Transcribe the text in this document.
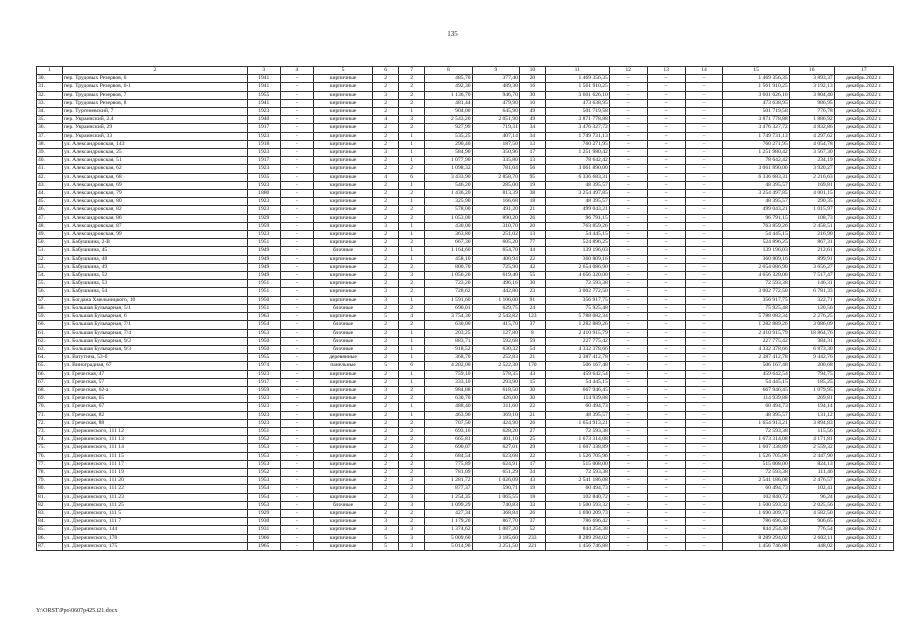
135
1	2	3	4	5	6	7	8	9	10	11	12	13	14	15	16	17
30.	пер. Трудовых Резервов, 6	1941	-	кирпичные	2	2	485,70	377,40	20	1 469 356,35	–	–	–	1 469 356,35	3 893,37	декабрь 2022 г.
31.	пер. Трудовых Резервов, 6-1	1941	-	кирпичные	2	2	492,30	489,30	16	1 561 910,25	–	–	–	1 561 910,25	3 192,13	декабрь 2022 г.
32.	пер. Трудовых Резервов, 7	1955	-	кирпичные	3	2	1 136,70	946,70	30	3 601 626,10	–	–	–	3 601 626,10	3 804,40	декабрь 2022 г.
33.	пер. Трудовых Резервов, 8	1941	-	кирпичные	2	2	481,44	479,90	10	473 638,95	–	–	–	473 638,95	986,95	декабрь 2022 г.
34.	пер. Тургеневский, 7	1923	-	кирпичные	2	1	904,00	645,90	49	501 719,58	–	–	–	501 719,58	776,78	декабрь 2022 г.
35.	пер. Украинский, 2.4	1940	-	кирпичные	4	3	2 543,20	2 051,90	49	3 871 778,88	–	–	–	3 871 778,88	1 886,92	декабрь 2022 г.
36.	пер. Украинский, 29	1917	-	кирпичные	2	2	927,99	719,31	34	3 476 327,72	–	–	–	3 476 327,72	4 832,86	декабрь 2022 г.
37.	пер. Украинский, 33	1923	-	кирпичные	2	1	535,25	407,14	34	1 749 731,13	–	–	–	1 749 731,13	4 297,62	декабрь 2022 г.
38.	ул. Александровская, 143	1918	-	кирпичные	2	1	290,40	187,50	13	760 271,95	–	–	–	760 271,95	4 054,78	декабрь 2022 г.
39.	ул. Александровская, 25	1923	-	кирпичные	3	1	584,90	350,96	17	1 251 980,42	–	–	–	1 251 980,42	3 567,30	декабрь 2022 г.
40.	ул. Александровская, 51	1917	-	кирпичные	2	1	1 077,90	335,80	13	78 642,42	–	–	–	78 642,42	234,19	декабрь 2022 г.
41.	ул. Александровская, 62	1923	-	кирпичные	2	2	1 098,32	781,04	56	3 061 890,00	–	–	–	3 061 890,00	3 920,27	декабрь 2022 г.
42.	ул. Александровская, 68	1935	-	кирпичные	4	6	3 433,90	2 858,70	95	6 336 683,31	–	–	–	6 336 683,31	2 216,63	декабрь 2022 г.
43.	ул. Александровская, 69	1923	-	кирпичные	2	1	546,20	285,00	19	48 395,57	–	–	–	48 395,57	169,81	декабрь 2022 г.
44.	ул. Александровская, 79	1880	-	кирпичные	2	2	1 436,20	813,39	38	3 254 497,85	–	–	–	3 254 497,85	4 001,15	декабрь 2022 г.
45.	ул. Александровская, 80	1923	-	кирпичные	2	1	325,90	166,68	18	48 395,57	–	–	–	48 395,57	290,35	декабрь 2022 г.
46.	ул. Александровская, 82	1923	-	кирпичные	2	2	578,00	491,20	21	499 043,21	–	–	–	499 043,21	1 015,97	декабрь 2022 г.
47.	ул. Александровская, 86	1929	-	кирпичные	2	2	1 053,00	890,20	26	96 791,15	–	–	–	96 791,15	108,73	декабрь 2022 г.
48.	ул. Александровская, 87	1959	-	кирпичные	3	1	430,00	310,70	20	763 859,26	–	–	–	763 859,26	2 458,51	декабрь 2022 г.
49.	ул. Александровская, 99	1923	-	кирпичные	2	1	363,80	251,02	13	54 445,15	–	–	–	54 445,15	216,90	декабрь 2022 г.
50.	ул. Бабушкина, 2-В	1951	-	кирпичные	2	2	667,30	605,20	77	524 896,25	–	–	–	524 896,25	867,31	декабрь 2022 г.
51.	ул. Бабушкина, 45	1949	-	блочные	2	1	1 164,60	654,70	44	139 196,03	–	–	–	139 196,03	212,61	декабрь 2022 г.
52.	ул. Бабушкина, 48	1949	-	кирпичные	2	1	458,10	400,94	22	360 809,16	–	–	–	360 809,16	899,91	декабрь 2022 г.
53.	ул. Бабушкина, 49	1949	-	кирпичные	2	2	800,70	725,90	42	2 654 086,90	–	–	–	2 654 086,90	3 656,27	декабрь 2022 г.
54.	ул. Бабушкина, 52	1949	-	кирпичные	2	3	1 056,20	619,40	55	4 656 320,00	–	–	–	4 656 320,00	7 517,47	декабрь 2022 г.
55.	ул. Бабушкина, 53	1951	-	кирпичные	2	2	723,20	496,16	30	72 593,38	–	–	–	72 593,38	146,31	декабрь 2022 г.
56.	ул. Бабушкина, 54	1951	-	кирпичные	3	2	728,62	442,80	23	3 002 772,50	–	–	–	3 002 772,50	6 781,33	декабрь 2022 г.
57.	ул. Богдана Хмельницкого, 10	1950	-	кирпичные	3	1	1 591,60	1 106,00	91	356 917,75	–	–	–	356 917,75	322,71	декабрь 2022 г.
58.	ул. Большая Бульварная, 5/1	1951	-	блочные	2	2	690,01	629,75	24	75 925,48	–	–	–	75 925,48	120,56	декабрь 2022 г.
59.	ул. Большая Бульварная, 6	1963	-	кирпичные	5	4	3 754,30	2 542,82	123	5 788 082,34	–	–	–	5 788 082,34	2 276,25	декабрь 2022 г.
60.	ул. Большая Бульварная, 7/1	1954	-	блочные	2	2	630,00	415,70	37	1 282 889,26	–	–	–	1 282 889,26	3 086,09	декабрь 2022 г.
61.	ул. Большая Бульварная, 7/4	1953	-	блочные	2	1	203,25	127,80	8	2 410 915,79	–	–	–	2 410 915,79	18 864,76	декабрь 2022 г.
62.	ул. Большая Бульварная, 9/2	1950	-	блочные	2	1	883,71	592,68	59	227 775,42	–	–	–	227 775,42	384,31	декабрь 2022 г.
63.	ул. Большая Бульварная, 9/3	1950	-	блочные	2	1	918,52	630,32	54	4 332 378,66	–	–	–	4 332 378,66	6 873,30	декабрь 2022 г.
64.	ул. Ватутина, 53-б	1955	-	деревянные	2	1	368,70	252,83	21	2 387 412,78	–	–	–	2 387 412,78	9 442,76	декабрь 2022 г.
65.	ул. Виноградная, 67	1974	-	панельные	5	6	4 202,00	2 522,30	170	506 167,48	–	–	–	506 167,48	200,68	декабрь 2022 г.
66.	ул. Греческая, 47	1923	-	кирпичные	2	1	759,10	578,35	43	459 642,54	–	–	–	459 642,54	794,75	декабрь 2022 г.
67.	ул. Греческая, 57	1917	-	кирпичные	2	1	333,10	293,90	15	54 445,15	–	–	–	54 445,15	185,25	декабрь 2022 г.
68.	ул. Греческая, 62-а	1959	-	кирпичные	3	2	984,88	618,50	30	667 946,45	–	–	–	667 946,45	1 079,95	декабрь 2022 г.
69.	ул. Греческая, 65	1923	-	кирпичные	2	2	630,70	426,00	30	114 939,88	–	–	–	114 939,88	269,81	декабрь 2022 г.
70.	ул. Греческая, 67	1923	-	кирпичные	2	1	488,40	311,60	22	60 494,73	–	–	–	60 494,73	194,14	декабрь 2022 г.
71.	ул. Греческая, 82	1923	-	кирпичные	2	1	463,90	369,10	21	48 395,57	–	–	–	48 395,57	131,12	декабрь 2022 г.
72.	ул. Греческая, 88	1923	-	кирпичные	2	2	707,50	424,90	26	1 654 913,21	–	–	–	1 654 913,21	3 894,83	декабрь 2022 г.
73.	ул. Дзержинского, 111 12	1951	-	кирпичные	2	2	693,16	628,20	27	72 593,38	–	–	–	72 593,38	115,56	декабрь 2022 г.
74.	ул. Дзержинского, 111 13	1952	-	кирпичные	2	2	665,81	401,10	25	1 673 314,08	–	–	–	1 673 314,08	4 171,81	декабрь 2022 г.
75.	ул. Дзержинского, 111 14	1953	-	кирпичные	2	2	690,07	627,01	29	1 607 338,89	–	–	–	1 607 338,89	2 559,32	декабрь 2022 г.
76.	ул. Дзержинского, 111 15	1953	-	кирпичные	2	2	684,54	623,68	22	1 526 705,96	–	–	–	1 526 705,96	2 447,90	декабрь 2022 г.
77.	ул. Дзержинского, 111 17	1953	-	кирпичные	2	2	775,89	624,91	17	515 008,00	–	–	–	515 008,00	824,13	декабрь 2022 г.
78.	ул. Дзержинского, 111 19	1952	-	кирпичные	2	2	781,09	651,29	34	72 593,38	–	–	–	72 593,38	111,46	декабрь 2022 г.
79.	ул. Дзержинского, 111 20	1953	-	кирпичные	2	3	1 281,72	1 026,09	43	2 541 186,08	–	–	–	2 541 186,08	2 476,57	декабрь 2022 г.
80.	ул. Дзержинского, 111 22	1954	-	кирпичные	2	2	877,37	590,71	19	60 494,73	–	–	–	60 494,73	102,41	декабрь 2022 г.
81.	ул. Дзержинского, 111 23	1954	-	кирпичные	2	3	1 254,35	1 065,55	18	102 840,72	–	–	–	102 840,72	96,24	декабрь 2022 г.
82.	ул. Дзержинского, 111 25	1953	-	блочные	2	3	1 099,29	740,83	33	1 500 593,32	–	–	–	1 500 593,32	2 025,56	декабрь 2022 г.
83.	ул. Дзержинского, 111 5	1929	-	кирпичные	2	2	427,34	368,84	26	1 690 209,73	–	–	–	1 690 209,73	4 582,50	декабрь 2022 г.
84.	ул. Дзержинского, 111 7	1930	-	кирпичные	3	2	1 179,20	867,70	37	786 696,42	–	–	–	786 696,42	906,65	декабрь 2022 г.
85.	ул. Дзержинского, 144	1931	-	кирпичные	3	3	1 374,62	1 087,20	52	844 254,38	–	–	–	844 254,38	776,54	декабрь 2022 г.
86.	ул. Дзержинского, 170	1966	-	кирпичные	5	3	5 009,60	3 185,60	233	8 289 294,02	–	–	–	8 289 294,02	2 602,11	декабрь 2022 г.
87.	ул. Дзержинского, 175	1965	-	кирпичные	5	3	5 014,90	3 251,50	221	1 456 746,88	–	–	–	1 456 746,88	448,02	декабрь 2022 г.
Y:\ORST\Ppo\0607p425.t21.docx
